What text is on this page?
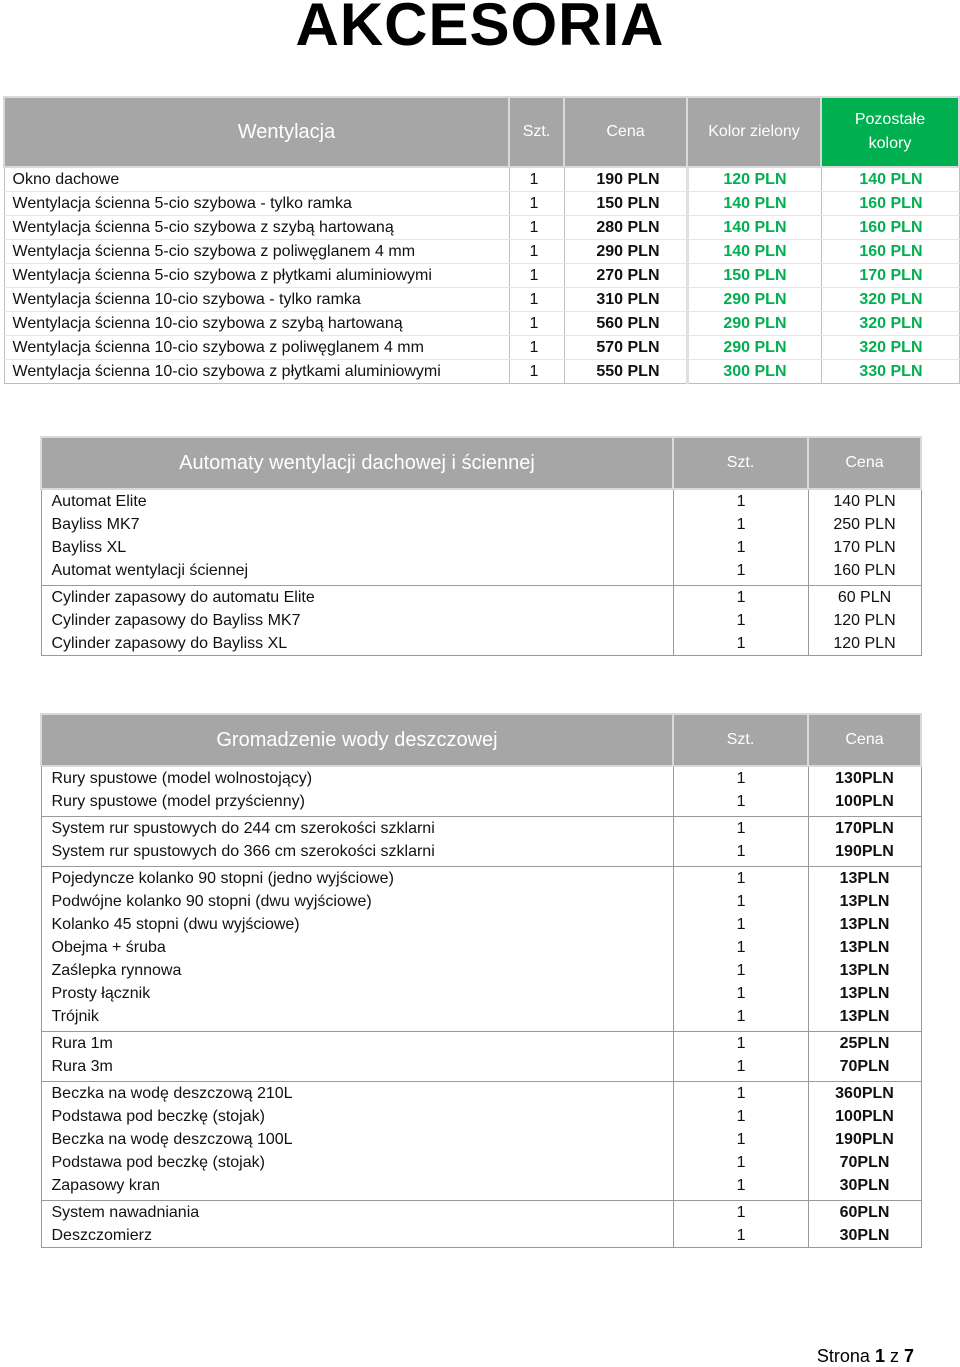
AKCESORIA
Wentylacja	Szt.	Cena	Kolor zielony	Pozostałe kolory
Okno dachowe	1	190 PLN	120 PLN	140 PLN
Wentylacja ścienna 5-cio szybowa - tylko ramka	1	150 PLN	140 PLN	160 PLN
Wentylacja ścienna 5-cio szybowa z szybą hartowaną	1	280 PLN	140 PLN	160 PLN
Wentylacja ścienna 5-cio szybowa z poliwęglanem 4 mm	1	290 PLN	140 PLN	160 PLN
Wentylacja ścienna 5-cio szybowa z płytkami aluminiowymi	1	270 PLN	150 PLN	170 PLN
Wentylacja ścienna 10-cio szybowa - tylko ramka	1	310 PLN	290 PLN	320 PLN
Wentylacja ścienna 10-cio szybowa z szybą hartowaną	1	560 PLN	290 PLN	320 PLN
Wentylacja ścienna 10-cio szybowa z poliwęglanem 4 mm	1	570 PLN	290 PLN	320 PLN
Wentylacja ścienna 10-cio szybowa z płytkami aluminiowymi	1	550 PLN	300 PLN	330 PLN
Automaty wentylacji dachowej i ściennej	Szt.	Cena
Automat Elite	1	140 PLN
Bayliss MK7	1	250 PLN
Bayliss XL	1	170 PLN
Automat wentylacji ściennej	1	160 PLN

Cylinder zapasowy do automatu Elite	1	60 PLN
Cylinder zapasowy do Bayliss MK7	1	120 PLN
Cylinder zapasowy do Bayliss XL	1	120 PLN
Gromadzenie wody deszczowej	Szt.	Cena
Rury spustowe (model wolnostojący)	1	130PLN
Rury spustowe (model przyścienny)	1	100PLN

System rur spustowych do 244 cm szerokości szklarni	1	170PLN
System rur spustowych do 366 cm szerokości szklarni	1	190PLN

Pojedyncze kolanko 90 stopni (jedno wyjściowe)	1	13PLN
Podwójne kolanko 90 stopni (dwu wyjściowe)	1	13PLN
Kolanko 45 stopni (dwu wyjściowe)	1	13PLN
Obejma + śruba	1	13PLN
Zaślepka rynnowa	1	13PLN
Prosty łącznik	1	13PLN
Trójnik	1	13PLN

Rura 1m	1	25PLN
Rura 3m	1	70PLN

Beczka na wodę deszczową 210L	1	360PLN
Podstawa pod beczkę (stojak)	1	100PLN
Beczka na wodę deszczową 100L	1	190PLN
Podstawa pod beczkę (stojak)	1	70PLN
Zapasowy kran	1	30PLN

System nawadniania	1	60PLN
Deszczomierz	1	30PLN
Strona 1 z 7
